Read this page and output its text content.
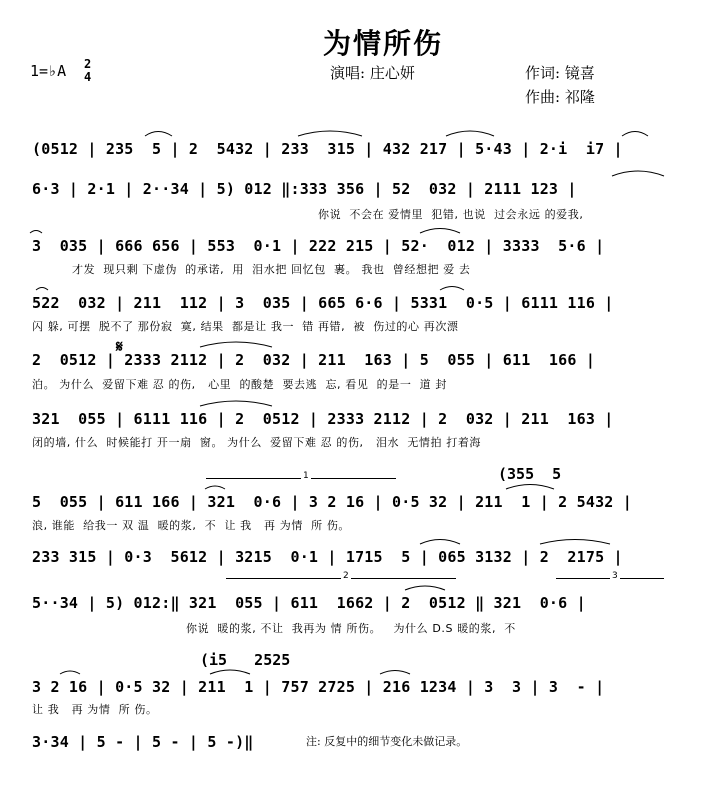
为情所伤
1=♭A 2
4	演唱: 庄心妍	作词: 镜喜
作曲: 祁隆
(0512 | 235  5 | 2  5432 | 233  315 | 432 217 | 5·43 | 2·i  i7 |
6·3 | 2·1 | 2··34 | 5) 012 ‖:333 356 | 52  032 | 2111 123 |
你说  不会在 爱情里  犯错, 也说  过会永远 的爱我,
3  035 | 666 656 | 553  0·1 | 222 215 | 52·  012 | 3333  5·6 |
才发  现只剩 下虚伪  的承诺,  用  泪水把 回忆包  裹。 我也  曾经想把 爱 去
522  032 | 211  112 | 3  035 | 665 6·6 | 5331  0·5 | 6111 116 |
闪 躲, 可摆  脱不了 那份寂  寞, 结果  都是让 我一  错 再错,  被  伤过的心 再次漂
2  0512 | 2333 2112 | 2  032 | 211  163 | 5  055 | 611  166 |
泊。 为什么  爱留下难 忍 的伤,   心里  的酸楚  要去逃  忘, 看见  的是一  道 封
𝄋
321  055 | 6111 116 | 2  0512 | 2333 2112 | 2  032 | 211  163 |
闭的墙, 什么  时候能打 开一扇  窗。 为什么  爱留下难 忍 的伤,   泪水  无情拍 打着海
5  055 | 611 166 | 321  0·6 | 3 2 16 | 0·5 32 | 211  1 | 2 5432 |
浪, 谁能  给我一 双 温  暖的浆,  不  让 我   再 为情  所 伤。
(355  5
1
233 315 | 0·3  5612 | 3215  0·1 | 1715  5 | 065 3132 | 2  2175 |
5··34 | 5) 012:‖ 321  055 | 611  1662 | 2  0512 ‖ 321  0·6 |
你说  暖的浆, 不让  我再为 情 所伤。   为什么 D.S 暖的浆,  不
2	3
3 2 16 | 0·5 32 | 211  1 | 757 2725 | 216 1234 | 3  3 | 3  - |
让 我   再 为情  所 伤。
(i5   2525
3·34 | 5 - | 5 - | 5 -)‖	注: 反复中的细节变化未做记录。
